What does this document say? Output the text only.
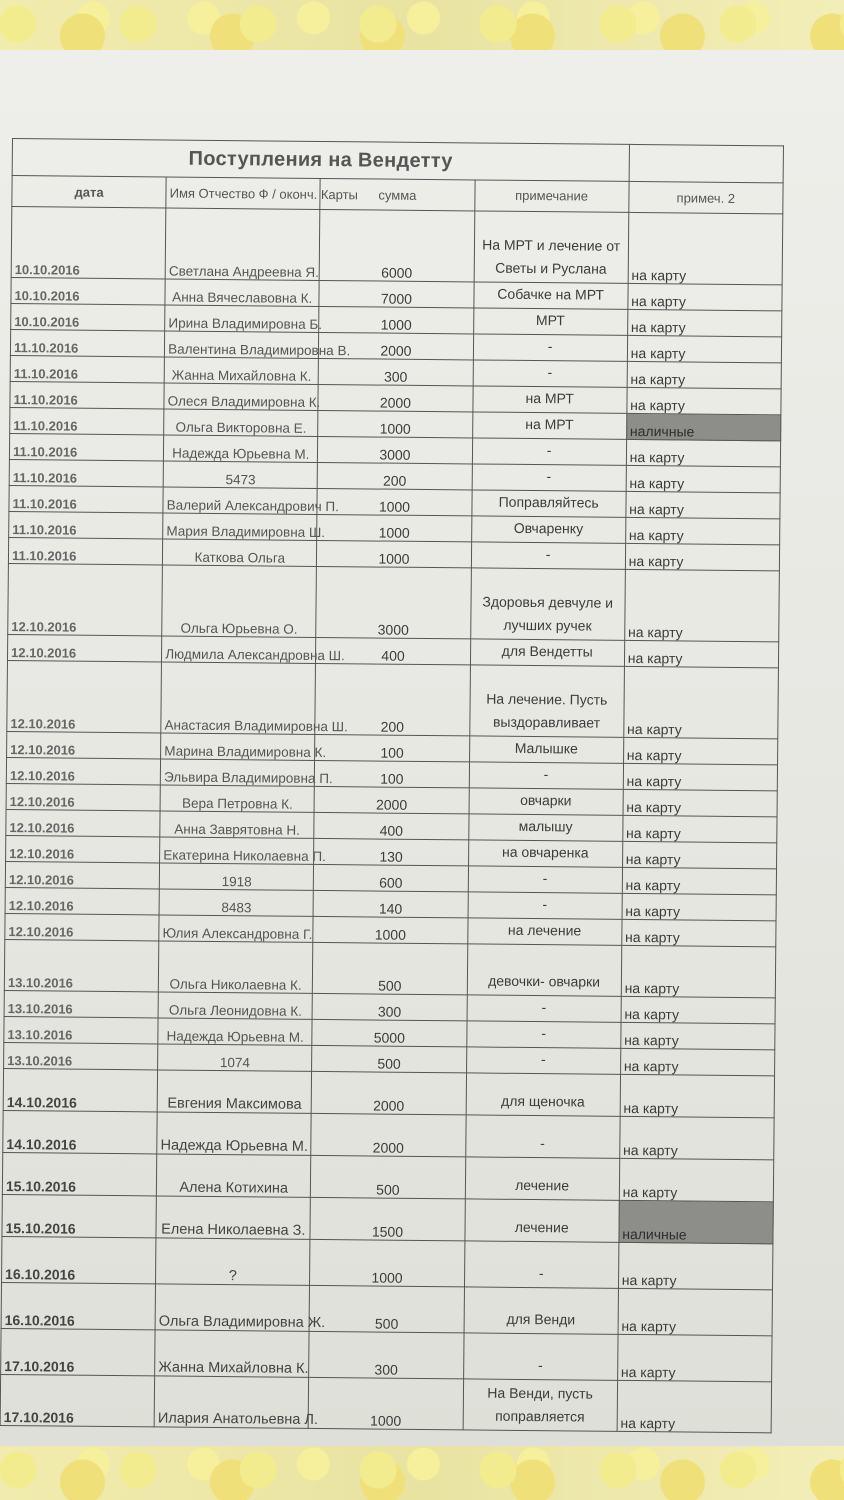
Поступления на Вендетту				
дата	Имя Отчество Ф / оконч. Карты	сумма	примечание	примеч. 2
10.10.2016	Светлана Андреевна Я.	6000	На МРТ и лечение от Светы и Руслана	на карту
10.10.2016	Анна Вячеславовна К.	7000	Собачке на МРТ	на карту
10.10.2016	Ирина Владимировна Б.	1000	МРТ	на карту
11.10.2016	Валентина Владимировна В.	2000	-	на карту
11.10.2016	Жанна Михайловна К.	300	-	на карту
11.10.2016	Олеся Владимировна К.	2000	на МРТ	на карту
11.10.2016	Ольга Викторовна Е.	1000	на МРТ	наличные
11.10.2016	Надежда Юрьевна М.	3000	-	на карту
11.10.2016	5473	200	-	на карту
11.10.2016	Валерий Александрович П.	1000	Поправляйтесь	на карту
11.10.2016	Мария Владимировна Ш.	1000	Овчаренку	на карту
11.10.2016	Каткова Ольга	1000	-	на карту
12.10.2016	Ольга Юрьевна О.	3000	Здоровья девчуле и лучших ручек	на карту
12.10.2016	Людмила Александровна Ш.	400	для Вендетты	на карту
12.10.2016	Анастасия Владимировна Ш.	200	На лечение. Пусть выздоравливает	на карту
12.10.2016	Марина Владимировна К.	100	Малышке	на карту
12.10.2016	Эльвира Владимировна П.	100	-	на карту
12.10.2016	Вера Петровна К.	2000	овчарки	на карту
12.10.2016	Анна Заврятовна Н.	400	малышу	на карту
12.10.2016	Екатерина Николаевна П.	130	на овчаренка	на карту
12.10.2016	1918	600	-	на карту
12.10.2016	8483	140	-	на карту
12.10.2016	Юлия Александровна Г.	1000	на лечение	на карту
13.10.2016	Ольга Николаевна К.	500	девочки- овчарки	на карту
13.10.2016	Ольга Леонидовна К.	300	-	на карту
13.10.2016	Надежда Юрьевна М.	5000	-	на карту
13.10.2016	1074	500	-	на карту
14.10.2016	Евгения Максимова	2000	для щеночка	на карту
14.10.2016	Надежда Юрьевна М.	2000	-	на карту
15.10.2016	Алена Котихина	500	лечение	на карту
15.10.2016	Елена Николаевна З.	1500	лечение	наличные
16.10.2016	?	1000	-	на карту
16.10.2016	Ольга Владимировна Ж.	500	для Венди	на карту
17.10.2016	Жанна Михайловна К.	300	-	на карту
17.10.2016	Илария Анатольевна Л.	1000	На Венди, пусть поправляется	на карту
